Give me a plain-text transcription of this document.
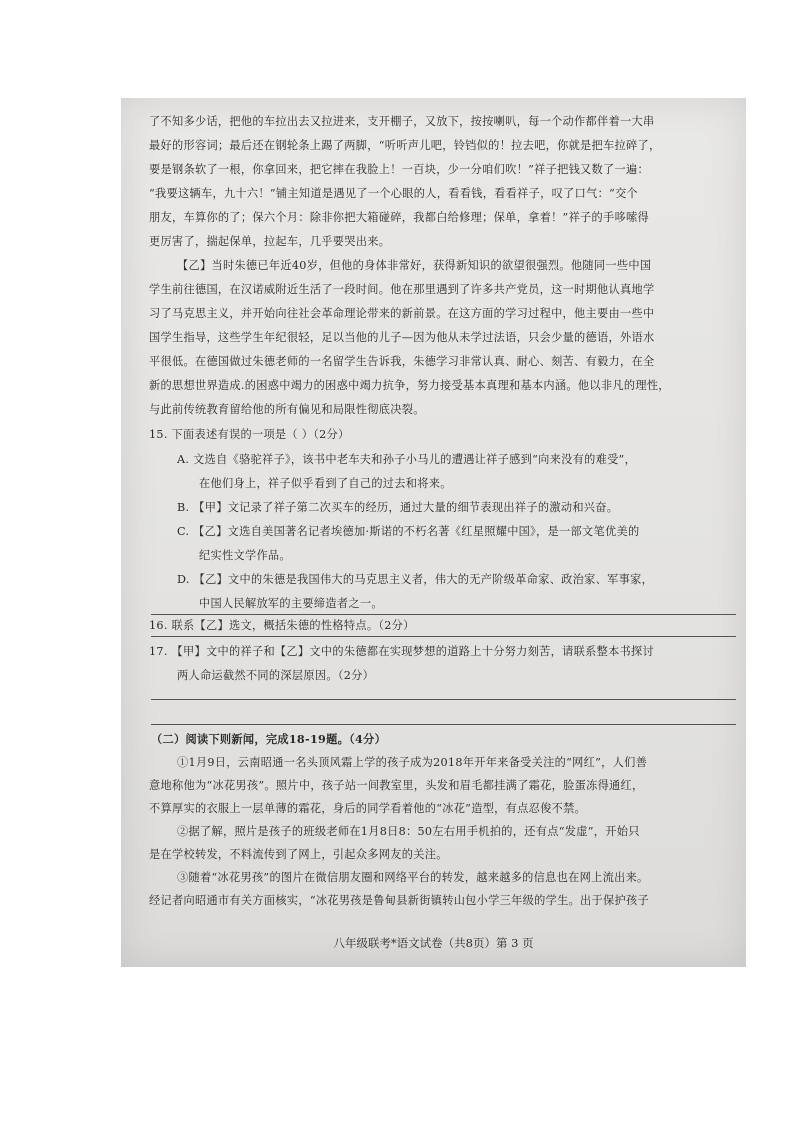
了不知多少话，把他的车拉出去又拉进来，支开棚子，又放下，按按喇叭，每一个动作都伴着一大串
最好的形容词；最后还在钢轮条上踢了两脚，“听听声儿吧，铃铛似的！拉去吧，你就是把车拉碎了，
要是钢条软了一根，你拿回来，把它摔在我脸上！一百块，少一分咱们吹！”祥子把钱又数了一遍：
“我要这辆车，九十六！”铺主知道是遇见了一个心眼的人，看看钱，看看祥子，叹了口气：“交个
朋友，车算你的了；保六个月：除非你把大箱碰碎，我都白给修理；保单，拿着！”祥子的手哆嗦得
更厉害了，揣起保单，拉起车，几乎要哭出来。
【乙】当时朱德已年近40岁，但他的身体非常好，获得新知识的欲望很强烈。他随同一些中国
学生前往德国，在汉诺威附近生活了一段时间。他在那里遇到了许多共产党员，这一时期他认真地学
习了马克思主义，并开始向往社会革命理论带来的新前景。在这方面的学习过程中，他主要由一些中
国学生指导，这些学生年纪很轻，足以当他的儿子—因为他从未学过法语，只会少量的德语，外语水
平很低。在德国做过朱德老师的一名留学生告诉我，朱德学习非常认真、耐心、刻苦、有毅力，在全
新的思想世界造成.的困惑中竭力的困惑中竭力抗争，努力接受基本真理和基本内涵。他以非凡的理性，
与此前传统教育留给他的所有偏见和局限性彻底决裂。
15. 下面表述有误的一项是（ ）（2分）
A. 文选自《骆驼祥子》，该书中老车夫和孙子小马儿的遭遇让祥子感到“向来没有的难受”，
在他们身上，祥子似乎看到了自己的过去和将来。
B. 【甲】文记录了祥子第二次买车的经历，通过大量的细节表现出祥子的激动和兴奋。
C. 【乙】文选自美国著名记者埃德加·斯诺的不朽名著《红星照耀中国》，是一部文笔优美的
纪实性文学作品。
D. 【乙】文中的朱德是我国伟大的马克思主义者，伟大的无产阶级革命家、政治家、军事家，
中国人民解放军的主要缔造者之一。
16. 联系【乙】选文，概括朱德的性格特点。（2分）
17. 【甲】文中的祥子和【乙】文中的朱德都在实现梦想的道路上十分努力刻苦，请联系整本书探讨
两人命运截然不同的深层原因。（2分）
（二）阅读下则新闻，完成18-19题。（4分）
①1月9日，云南昭通一名头顶风霜上学的孩子成为2018年开年来备受关注的“网红”，人们善
意地称他为“冰花男孩”。照片中，孩子站一间教室里，头发和眉毛都挂满了霜花，脸蛋冻得通红，
不算厚实的衣服上一层单薄的霜花，身后的同学看着他的“冰花”造型，有点忍俊不禁。
②据了解，照片是孩子的班级老师在1月8日8：50左右用手机拍的，还有点“发虚”，开始只
是在学校转发，不料流传到了网上，引起众多网友的关注。
③随着“冰花男孩”的图片在微信朋友圈和网络平台的转发，越来越多的信息也在网上流出来。
经记者向昭通市有关方面核实，“冰花男孩是鲁甸县新街镇转山包小学三年级的学生。出于保护孩子
八年级联考*语文试卷（共8页）第 3 页
